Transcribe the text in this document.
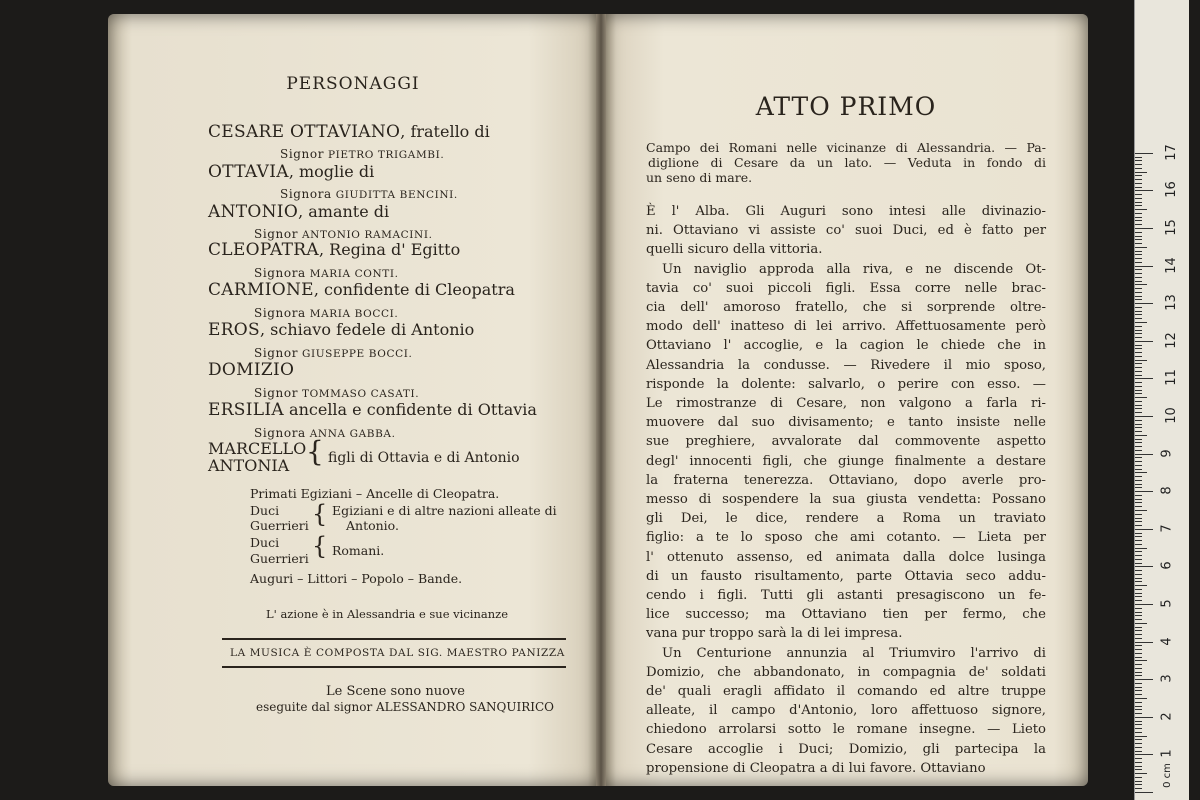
PERSONAGGI
CESARE OTTAVIANO, fratello di
Signor PIETRO TRIGAMBI.
OTTAVIA, moglie di
Signora GIUDITTA BENCINI.
ANTONIO, amante di
Signor ANTONIO RAMACINI.
CLEOPATRA, Regina d' Egitto
Signora MARIA CONTI.
CARMIONE, confidente di Cleopatra
Signora MARIA BOCCI.
EROS, schiavo fedele di Antonio
Signor GIUSEPPE BOCCI.
DOMIZIO
Signor TOMMASO CASATI.
ERSILIA ancella e confidente di Ottavia
Signora ANNA GABBA.
MARCELLO
ANTONIA { figli di Ottavia e di Antonio
Primati Egiziani – Ancelle di Cleopatra.
Duci
Guerrieri { Egiziani e di altre nazioni alleate di
Antonio.
Duci
Guerrieri { Romani.
Auguri – Littori – Popolo – Bande.
L' azione è in Alessandria e sue vicinanze
LA MUSICA È COMPOSTA DAL SIG. MAESTRO PANIZZA
Le Scene sono nuove
eseguite dal signor ALESSANDRO SANQUIRICO
ATTO PRIMO
Campo dei Romani nelle vicinanze di Alessandria. — Pa-
diglione di Cesare da un lato. — Veduta in fondo di
un seno di mare.
È l' Alba. Gli Auguri sono intesi alle divinazio-
ni. Ottaviano vi assiste co' suoi Duci, ed è fatto per
quelli sicuro della vittoria.
Un naviglio approda alla riva, e ne discende Ot-
tavia co' suoi piccoli figli. Essa corre nelle brac-
cia dell' amoroso fratello, che si sorprende oltre-
modo dell' inatteso di lei arrivo. Affettuosamente però
Ottaviano l' accoglie, e la cagion le chiede che in
Alessandria la condusse. — Rivedere il mio sposo,
risponde la dolente: salvarlo, o perire con esso. —
Le rimostranze di Cesare, non valgono a farla ri-
muovere dal suo divisamento; e tanto insiste nelle
sue preghiere, avvalorate dal commovente aspetto
degl' innocenti figli, che giunge finalmente a destare
la fraterna tenerezza. Ottaviano, dopo averle pro-
messo di sospendere la sua giusta vendetta: Possano
gli Dei, le dice, rendere a Roma un traviato
figlio: a te lo sposo che ami cotanto. — Lieta per
l' ottenuto assenso, ed animata dalla dolce lusinga
di un fausto risultamento, parte Ottavia seco addu-
cendo i figli. Tutti gli astanti presagiscono un fe-
lice successo; ma Ottaviano tien per fermo, che
vana pur troppo sarà la di lei impresa.
Un Centurione annunzia al Triumviro l'arrivo di
Domizio, che abbandonato, in compagnia de' soldati
de' quali eragli affidato il comando ed altre truppe
alleate, il campo d'Antonio, loro affettuoso signore,
chiedono arrolarsi sotto le romane insegne. — Lieto
Cesare accoglie i Duci; Domizio, gli partecipa la
propensione di Cleopatra a di lui favore. Ottaviano
1
2
3
4
5
6
7
8
9
10
11
12
13
14
15
16
17
0 cm
